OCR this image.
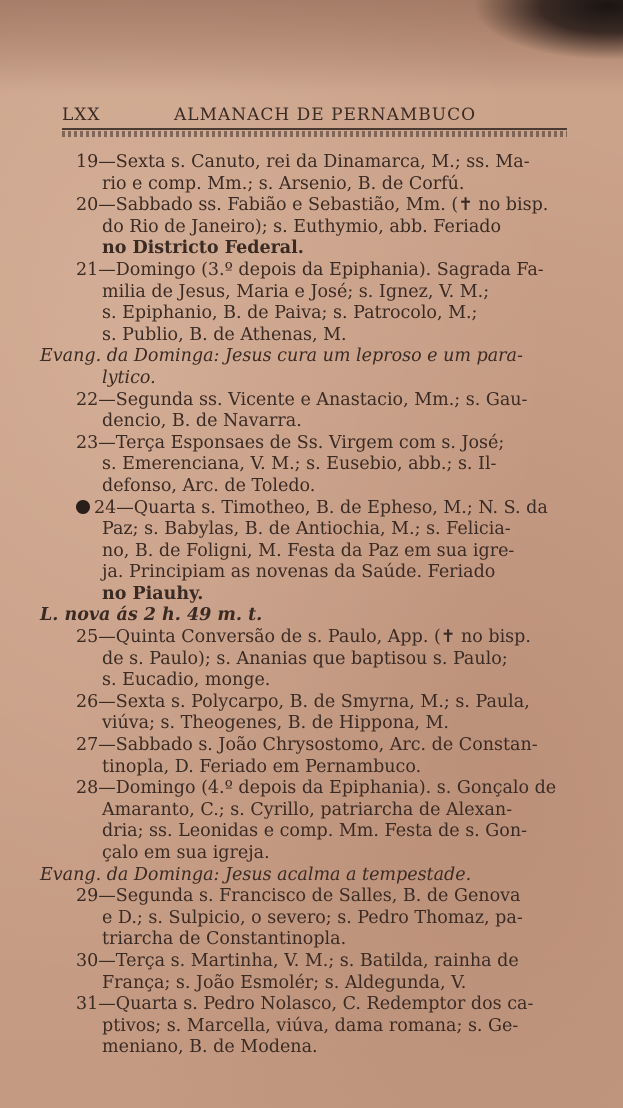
LXX	ALMANACH DE PERNAMBUCO
19—Sexta s. Canuto, rei da Dinamarca, M.; ss. Ma-
rio e comp. Mm.; s. Arsenio, B. de Corfú.
20—Sabbado ss. Fabião e Sebastião, Mm. (✝ no bisp.
do Rio de Janeiro); s. Euthymio, abb. Feriado
no Districto Federal.
21—Domingo (3.º depois da Epiphania). Sagrada Fa-
milia de Jesus, Maria e José; s. Ignez, V. M.;
s. Epiphanio, B. de Paiva; s. Patrocolo, M.;
s. Publio, B. de Athenas, M.
Evang. da Dominga: Jesus cura um leproso e um para-
lytico.
22—Segunda ss. Vicente e Anastacio, Mm.; s. Gau-
dencio, B. de Navarra.
23—Terça Esponsaes de Ss. Virgem com s. José;
s. Emerenciana, V. M.; s. Eusebio, abb.; s. Il-
defonso, Arc. de Toledo.
24—Quarta s. Timotheo, B. de Epheso, M.; N. S. da
Paz; s. Babylas, B. de Antiochia, M.; s. Felicia-
no, B. de Foligni, M. Festa da Paz em sua igre-
ja. Principiam as novenas da Saúde. Feriado
no Piauhy.
L. nova ás 2 h. 49 m. t.
25—Quinta Conversão de s. Paulo, App. (✝ no bisp.
de s. Paulo); s. Ananias que baptisou s. Paulo;
s. Eucadio, monge.
26—Sexta s. Polycarpo, B. de Smyrna, M.; s. Paula,
viúva; s. Theogenes, B. de Hippona, M.
27—Sabbado s. João Chrysostomo, Arc. de Constan-
tinopla, D. Feriado em Pernambuco.
28—Domingo (4.º depois da Epiphania). s. Gonçalo de
Amaranto, C.; s. Cyrillo, patriarcha de Alexan-
dria; ss. Leonidas e comp. Mm. Festa de s. Gon-
çalo em sua igreja.
Evang. da Dominga: Jesus acalma a tempestade.
29—Segunda s. Francisco de Salles, B. de Genova
e D.; s. Sulpicio, o severo; s. Pedro Thomaz, pa-
triarcha de Constantinopla.
30—Terça s. Martinha, V. M.; s. Batilda, rainha de
França; s. João Esmolér; s. Aldegunda, V.
31—Quarta s. Pedro Nolasco, C. Redemptor dos ca-
ptivos; s. Marcella, viúva, dama romana; s. Ge-
meniano, B. de Modena.
